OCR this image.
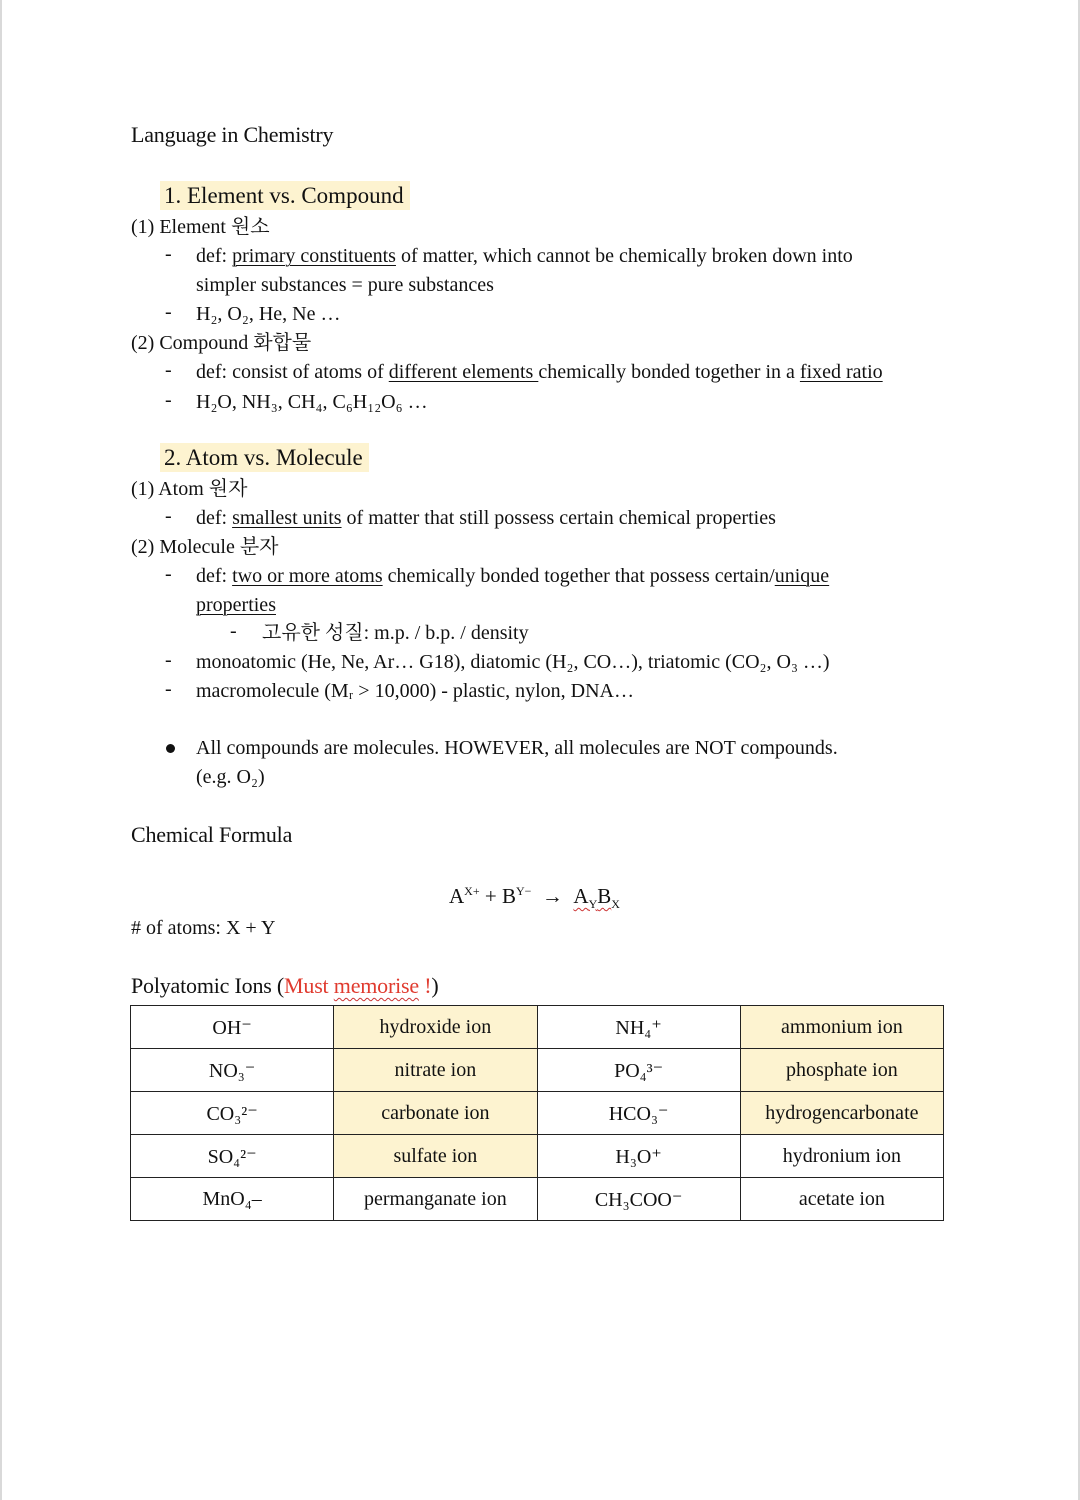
Language in Chemistry
1. Element vs. Compound
(1) Element 원소
- def: primary constituents of matter, which cannot be chemically broken down into
simpler substances = pure substances
- H₂, O₂, He, Ne …
(2) Compound 화합물
- def: consist of atoms of different elements chemically bonded together in a fixed ratio
- H₂O, NH₃, CH₄, C₆H₁₂O₆ …
2. Atom vs. Molecule
(1) Atom 원자
- def: smallest units of matter that still possess certain chemical properties
(2) Molecule 분자
- def: two or more atoms chemically bonded together that possess certain/unique
properties
- 고유한 성질: m.p. / b.p. / density
- monoatomic (He, Ne, Ar… G18), diatomic (H₂, CO…), triatomic (CO₂, O₃ …)
- macromolecule (Mᵣ > 10,000) - plastic, nylon, DNA…
All compounds are molecules. HOWEVER, all molecules are NOT compounds.
(e.g. O₂)
Chemical Formula
$A^{X+} + B^{Y-} \to A_YB_X$
# of atoms: X + Y
Polyatomic Ions (Must memorise !)
OH⁻	hydroxide ion	NH₄⁺	ammonium ion
NO₃⁻	nitrate ion	PO₄³⁻	phosphate ion
CO₃²⁻	carbonate ion	HCO₃⁻	hydrogencarbonate
SO₄²⁻	sulfate ion	H₃O⁺	hydronium ion
MnO₄–	permanganate ion	CH₃COO⁻	acetate ion
